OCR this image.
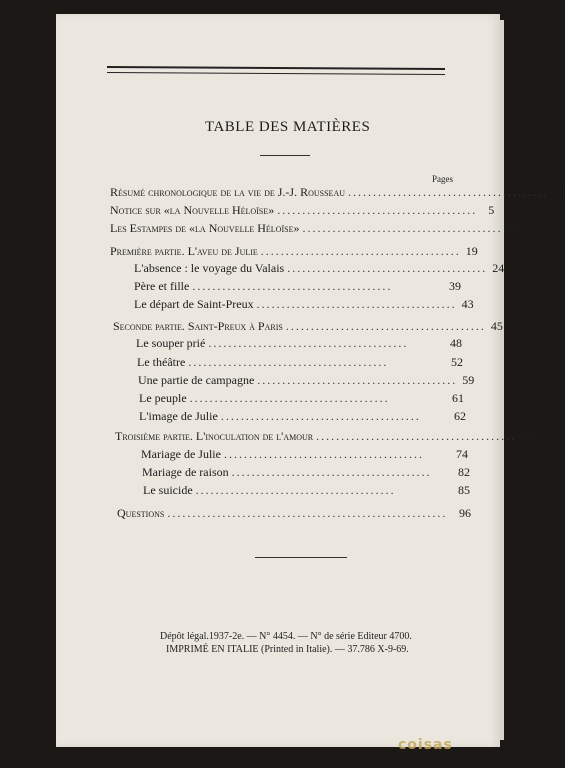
TABLE DES MATIÈRES
Pages
Résumé chronologique de la vie de J.-J. Rousseau ........................................ 4
Notice sur «la Nouvelle Héloïse» ........................................ 5
Les Estampes de «la Nouvelle Héloïse» ........................................ 17
Première partie. L'aveu de Julie ........................................ 19
L'absence : le voyage du Valais ........................................ 24
Père et fille ........................................	39
Le départ de Saint-Preux ........................................ 43
Seconde partie. Saint-Preux à Paris ........................................ 45
Le souper prié ........................................	48
Le théâtre ........................................	52
Une partie de campagne ........................................ 59
Le peuple ........................................	61
L'image de Julie ........................................	62
Troisième partie. L'inoculation de l'amour ........................................ 66
Mariage de Julie ........................................	74
Mariage de raison ........................................	82
Le suicide ........................................	85
Questions ........................................................ 96
Dépôt légal.1937-2e. — N° 4454. — N° de série Editeur 4700.
IMPRIMÉ EN ITALIE (Printed in Italie). — 37.786 X-9-69.
coisas
